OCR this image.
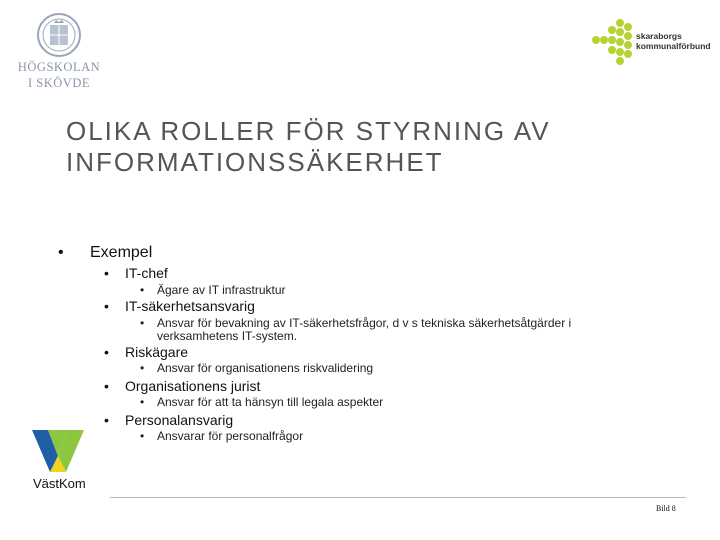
HÖGSKOLAN
I SKÖVDE
skaraborgs
kommunalförbund
OLIKA ROLLER FÖR STYRNING AV
INFORMATIONSSÄKERHET
• Exempel
• IT-chef
• Ägare av IT infrastruktur
• IT-säkerhetsansvarig
• Ansvar för bevakning av IT-säkerhetsfrågor, d v s tekniska säkerhetsåtgärder i
verksamhetens IT-system.
• Riskägare
• Ansvar för organisationens riskvalidering
• Organisationens jurist
• Ansvar för att ta hänsyn till legala aspekter
• Personalansvarig
• Ansvarar för personalfrågor
VästKom
Bild 8
